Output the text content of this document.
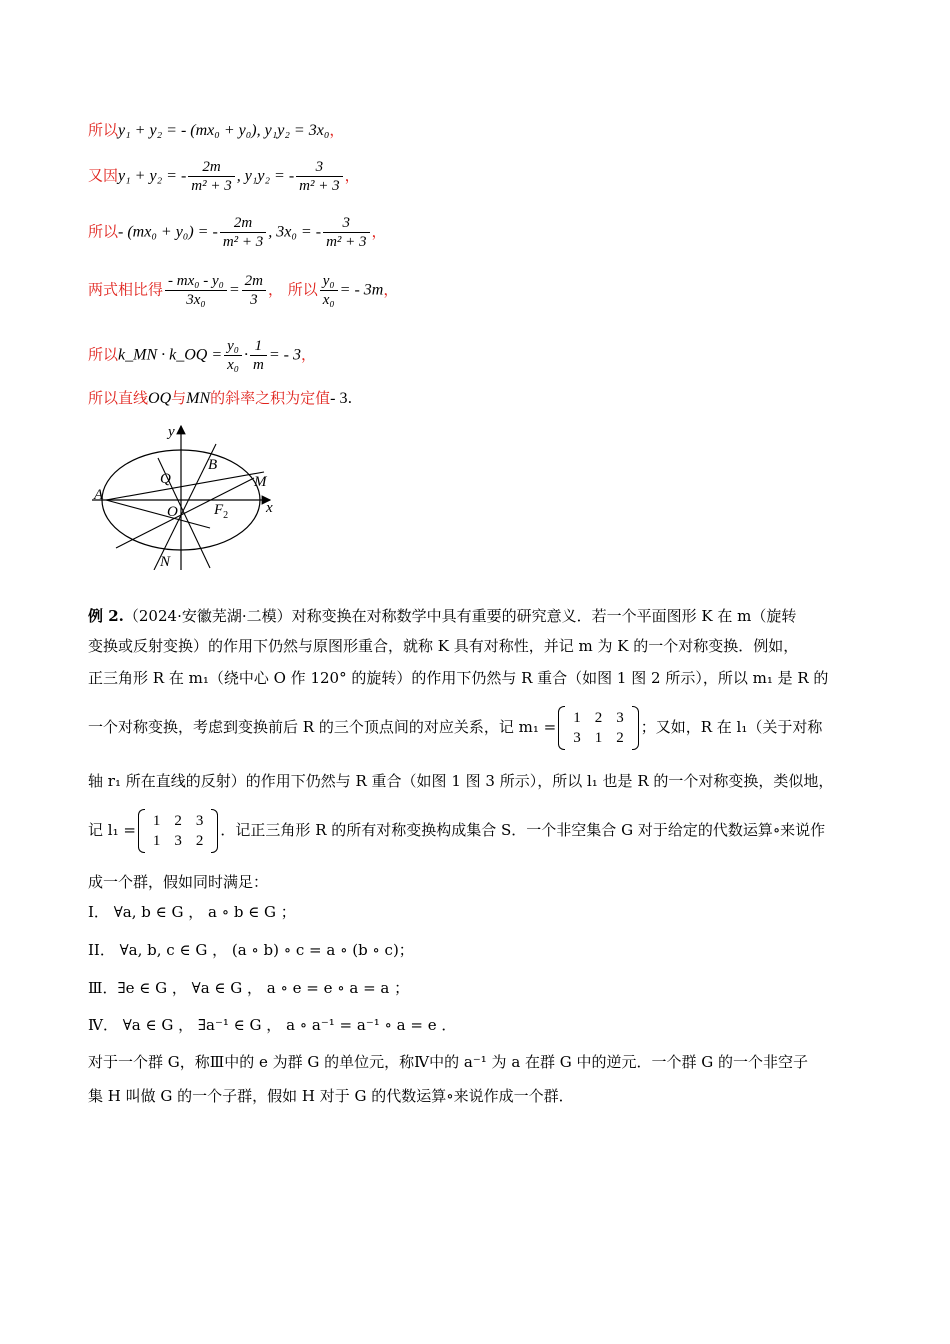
所以y₁ + y₂ = - (mx₀ + y₀), y₁y₂ = 3x₀，
又因y₁ + y₂ = - $\frac{2m}{\text{m² + 3}}$ , y₁y₂ = - $\frac{3}{\text{m² + 3}}$ ，
所以- (mx₀ + y₀) = - $\frac{2m}{\text{m² + 3}}$ , 3x₀ = - $\frac{3}{\text{m² + 3}}$ ，
两式相比得 $\frac{\text{- mx₀ - y₀}}{\text{3x₀}} = \frac{2m}{3}$ ， 所以 $\frac{\text{y₀}}{\text{x₀}}$ = - 3m，
所以k_MN · k_OQ = $\frac{\text{y₀}}{\text{x₀}} \cdot \frac{1}{m}$ = - 3，
所以直线OQ与MN的斜率之积为定值- 3.
y
x
A
B
Q	M
O $F_2$
N
例 2.（2024·安徽芜湖·二模）对称变换在对称数学中具有重要的研究意义．若一个平面图形 K 在 m（旋转
变换或反射变换）的作用下仍然与原图形重合，就称 K 具有对称性，并记 m 为 K 的一个对称变换．例如，
正三角形 R 在 m₁（绕中心 O 作 120° 的旋转）的作用下仍然与 R 重合（如图 1 图 2 所示），所以 m₁ 是 R 的
一个对称变换，考虑到变换前后 R 的三个顶点间的对应关系，记 m₁ = 1	2	3
3	1	2
；又如，R 在 l₁（关于对称
轴 r₁ 所在直线的反射）的作用下仍然与 R 重合（如图 1 图 3 所示），所以 l₁ 也是 R 的一个对称变换，类似地，
记 l₁ = 1	2	3
1	3	2
．记正三角形 R 的所有对称变换构成集合 S．一个非空集合 G 对于给定的代数运算∘来说作
成一个群，假如同时满足：
I． ∀a, b ∈ G ， a ∘ b ∈ G ；
II． ∀a, b, c ∈ G ， (a ∘ b) ∘ c = a ∘ (b ∘ c)；
Ⅲ．∃e ∈ G ， ∀a ∈ G ， a ∘ e = e ∘ a = a ；
Ⅳ． ∀a ∈ G ， ∃a⁻¹ ∈ G ， a ∘ a⁻¹ = a⁻¹ ∘ a = e ．
对于一个群 G，称Ⅲ中的 e 为群 G 的单位元，称Ⅳ中的 a⁻¹ 为 a 在群 G 中的逆元．一个群 G 的一个非空子
集 H 叫做 G 的一个子群，假如 H 对于 G 的代数运算∘来说作成一个群．
